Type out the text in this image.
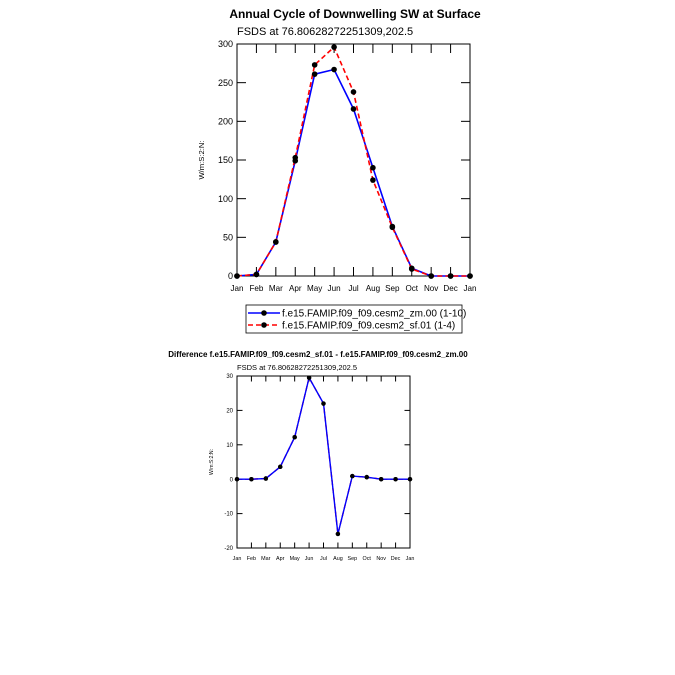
Annual Cycle of Downwelling SW at Surface
FSDS at 76.80628272251309,202.5
W/m:S:2:N:
0
50
100
150
200
250
300
Jan Feb Mar Apr May Jun Jul Aug Sep Oct Nov Dec Jan
Difference f.e15.FAMIP.f09_f09.cesm2_sf.01 - f.e15.FAMIP.f09_f09.cesm2_zm.00
FSDS at 76.80628272251309,202.5
W/m:S:2:N:
-20
-10
0
10
20
30
Jan Feb Mar Apr May Jun Jul Aug Sep Oct Nov Dec Jan
f.e15.FAMIP.f09_f09.cesm2_zm.00 (1-10)
f.e15.FAMIP.f09_f09.cesm2_sf.01 (1-4)
